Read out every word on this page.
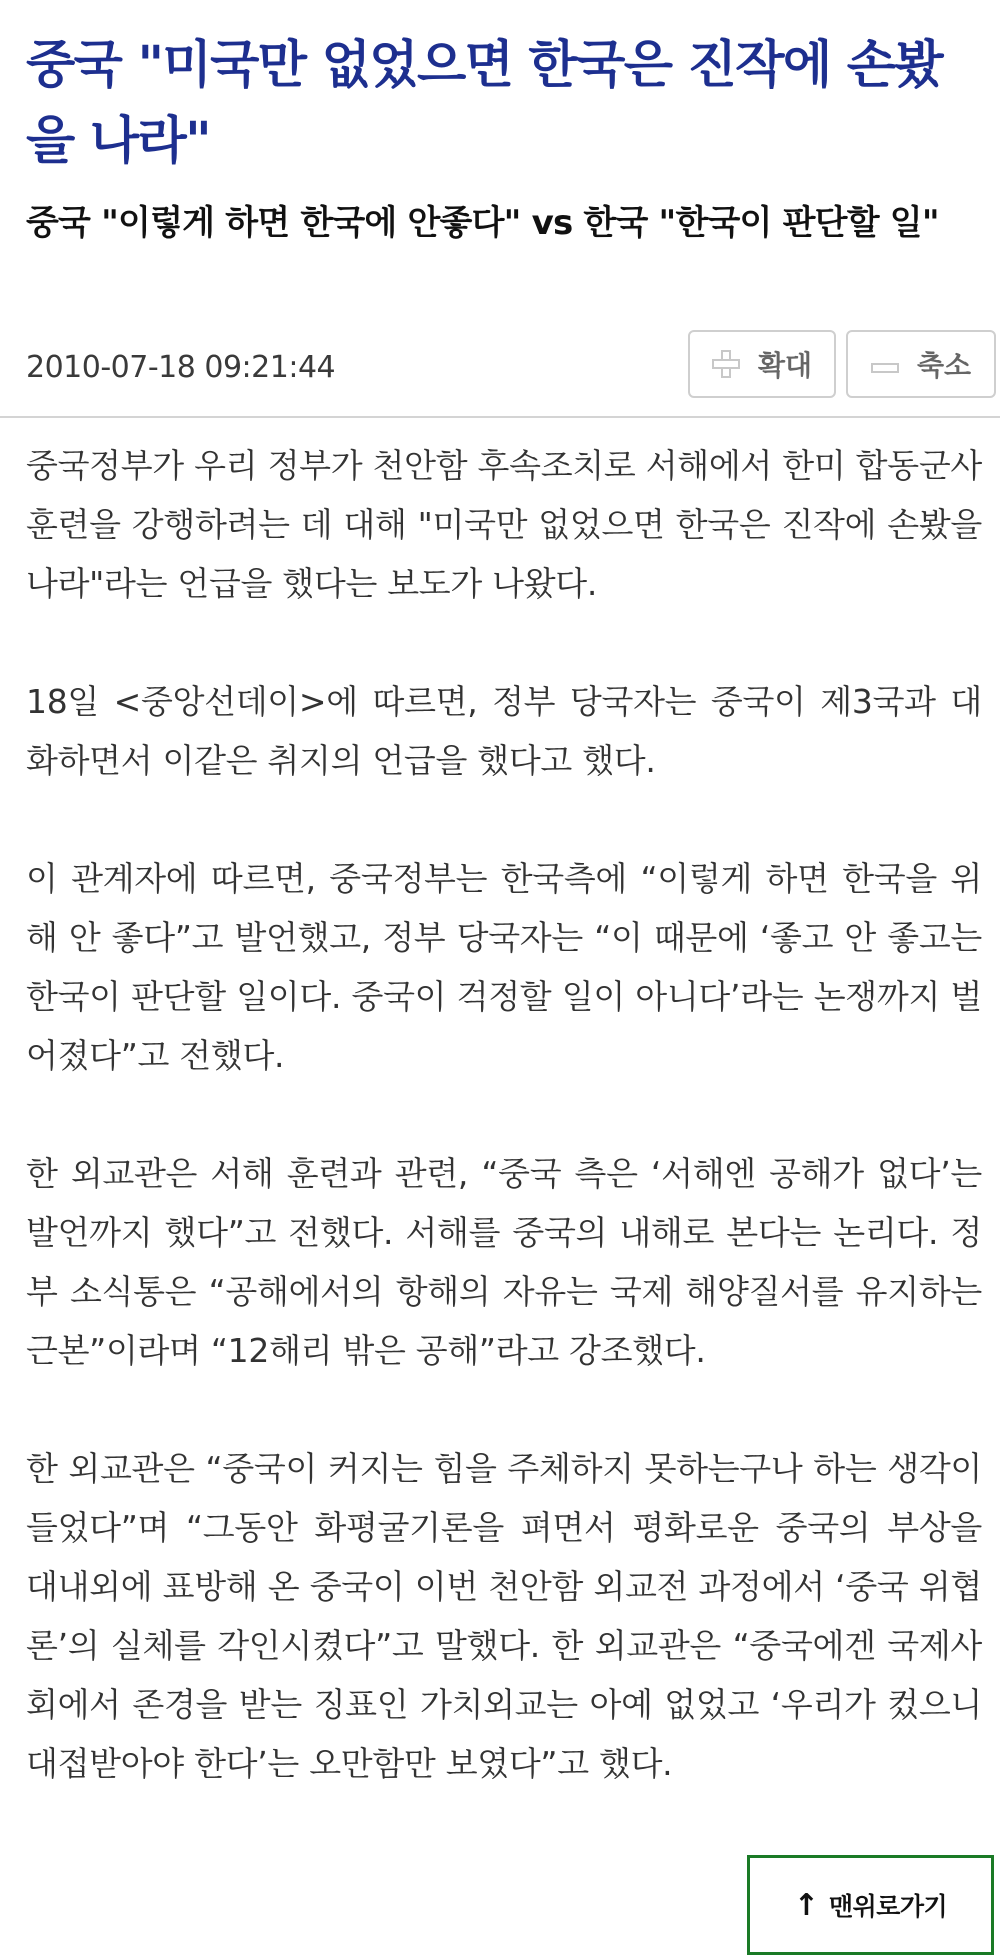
중국 "미국만 없었으면 한국은 진작에 손봤을 나라"
중국 "이렇게 하면 한국에 안좋다" vs 한국 "한국이 판단할 일"
2010-07-18 09:21:44	확대	축소

중국정부가 우리 정부가 천안함 후속조치로 서해에서 한미 합동군사훈련을 강행하려는 데 대해 "미국만 없었으면 한국은 진작에 손봤을 나라"라는 언급을 했다는 보도가 나왔다.

18일 <중앙선데이>에 따르면, 정부 당국자는 중국이 제3국과 대화하면서 이같은 취지의 언급을 했다고 했다.

이 관계자에 따르면, 중국정부는 한국측에 “이렇게 하면 한국을 위해 안 좋다”고 발언했고, 정부 당국자는 “이 때문에 ‘좋고 안 좋고는 한국이 판단할 일이다. 중국이 걱정할 일이 아니다’라는 논쟁까지 벌어졌다”고 전했다.

한 외교관은 서해 훈련과 관련, “중국 측은 ‘서해엔 공해가 없다’는 발언까지 했다”고 전했다. 서해를 중국의 내해로 본다는 논리다. 정부 소식통은 “공해에서의 항해의 자유는 국제 해양질서를 유지하는 근본”이라며 “12해리 밖은 공해”라고 강조했다.

한 외교관은 “중국이 커지는 힘을 주체하지 못하는구나 하는 생각이 들었다”며 “그동안 화평굴기론을 펴면서 평화로운 중국의 부상을 대내외에 표방해 온 중국이 이번 천안함 외교전 과정에서 ‘중국 위협론’의 실체를 각인시켰다”고 말했다. 한 외교관은 “중국에겐 국제사회에서 존경을 받는 징표인 가치외교는 아예 없었고 ‘우리가 컸으니 대접받아야 한다’는 오만함만 보였다”고 했다.

↑ 맨위로가기
